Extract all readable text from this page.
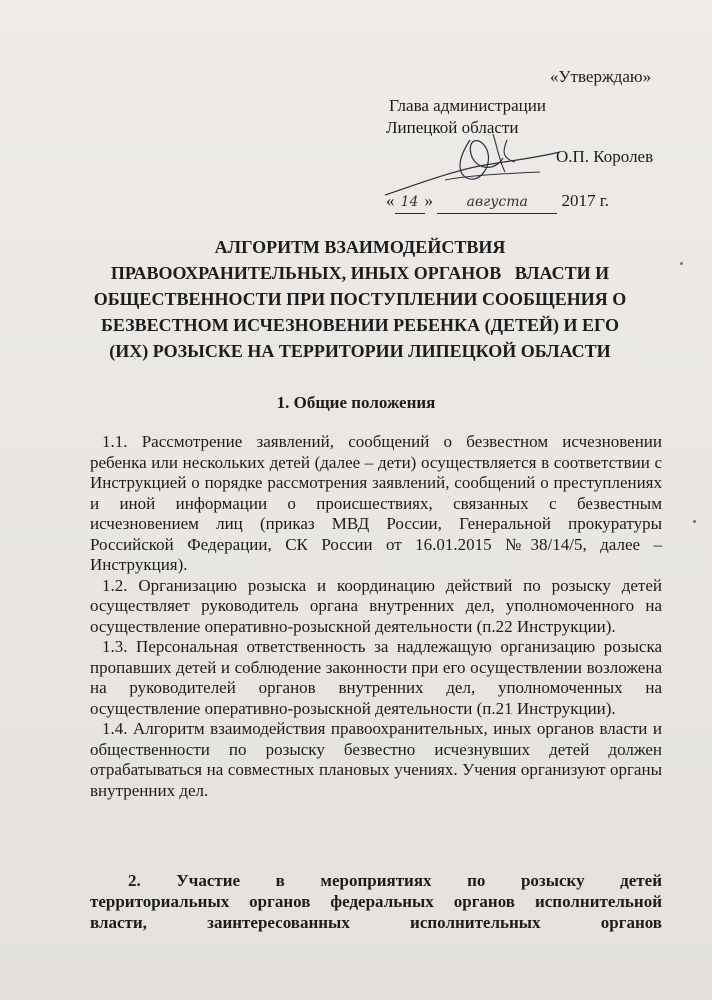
«Утверждаю»
Глава администрации
Липецкой области
О.П. Королев
« 14 » августа 2017 г.
АЛГОРИТМ ВЗАИМОДЕЙСТВИЯ
ПРАВООХРАНИТЕЛЬНЫХ, ИНЫХ ОРГАНОВ   ВЛАСТИ И
ОБЩЕСТВЕННОСТИ ПРИ ПОСТУПЛЕНИИ СООБЩЕНИЯ О
БЕЗВЕСТНОМ ИСЧЕЗНОВЕНИИ РЕБЕНКА (ДЕТЕЙ) И ЕГО
(ИХ) РОЗЫСКЕ НА ТЕРРИТОРИИ ЛИПЕЦКОЙ ОБЛАСТИ
1. Общие положения

1.1. Рассмотрение заявлений, сообщений о безвестном исчезновении ребенка или нескольких детей (далее – дети) осуществляется в соответствии с Инструкцией о порядке рассмотрения заявлений, сообщений о преступлениях и иной информации о происшествиях, связанных с безвестным исчезновением лиц (приказ МВД России, Генеральной прокуратуры Российской Федерации, СК России от 16.01.2015 №38/14/5, далее – Инструкция).

1.2. Организацию розыска и координацию действий по розыску детей осуществляет руководитель органа внутренних дел, уполномоченного на осуществление оперативно-розыскной деятельности (п.22 Инструкции).

1.3. Персональная ответственность за надлежащую организацию розыска пропавших детей и соблюдение законности при его осуществлении возложена на руководителей органов внутренних дел, уполномоченных на осуществление оперативно-розыскной деятельности (п.21 Инструкции).

1.4. Алгоритм взаимодействия правоохранительных, иных органов власти и общественности по розыску безвестно исчезнувших детей должен отрабатываться на совместных плановых учениях. Учения организуют органы внутренних дел.

2. Участие в мероприятиях по розыску детей
территориальных органов федеральных органов исполнительной
власти, заинтересованных исполнительных органов
